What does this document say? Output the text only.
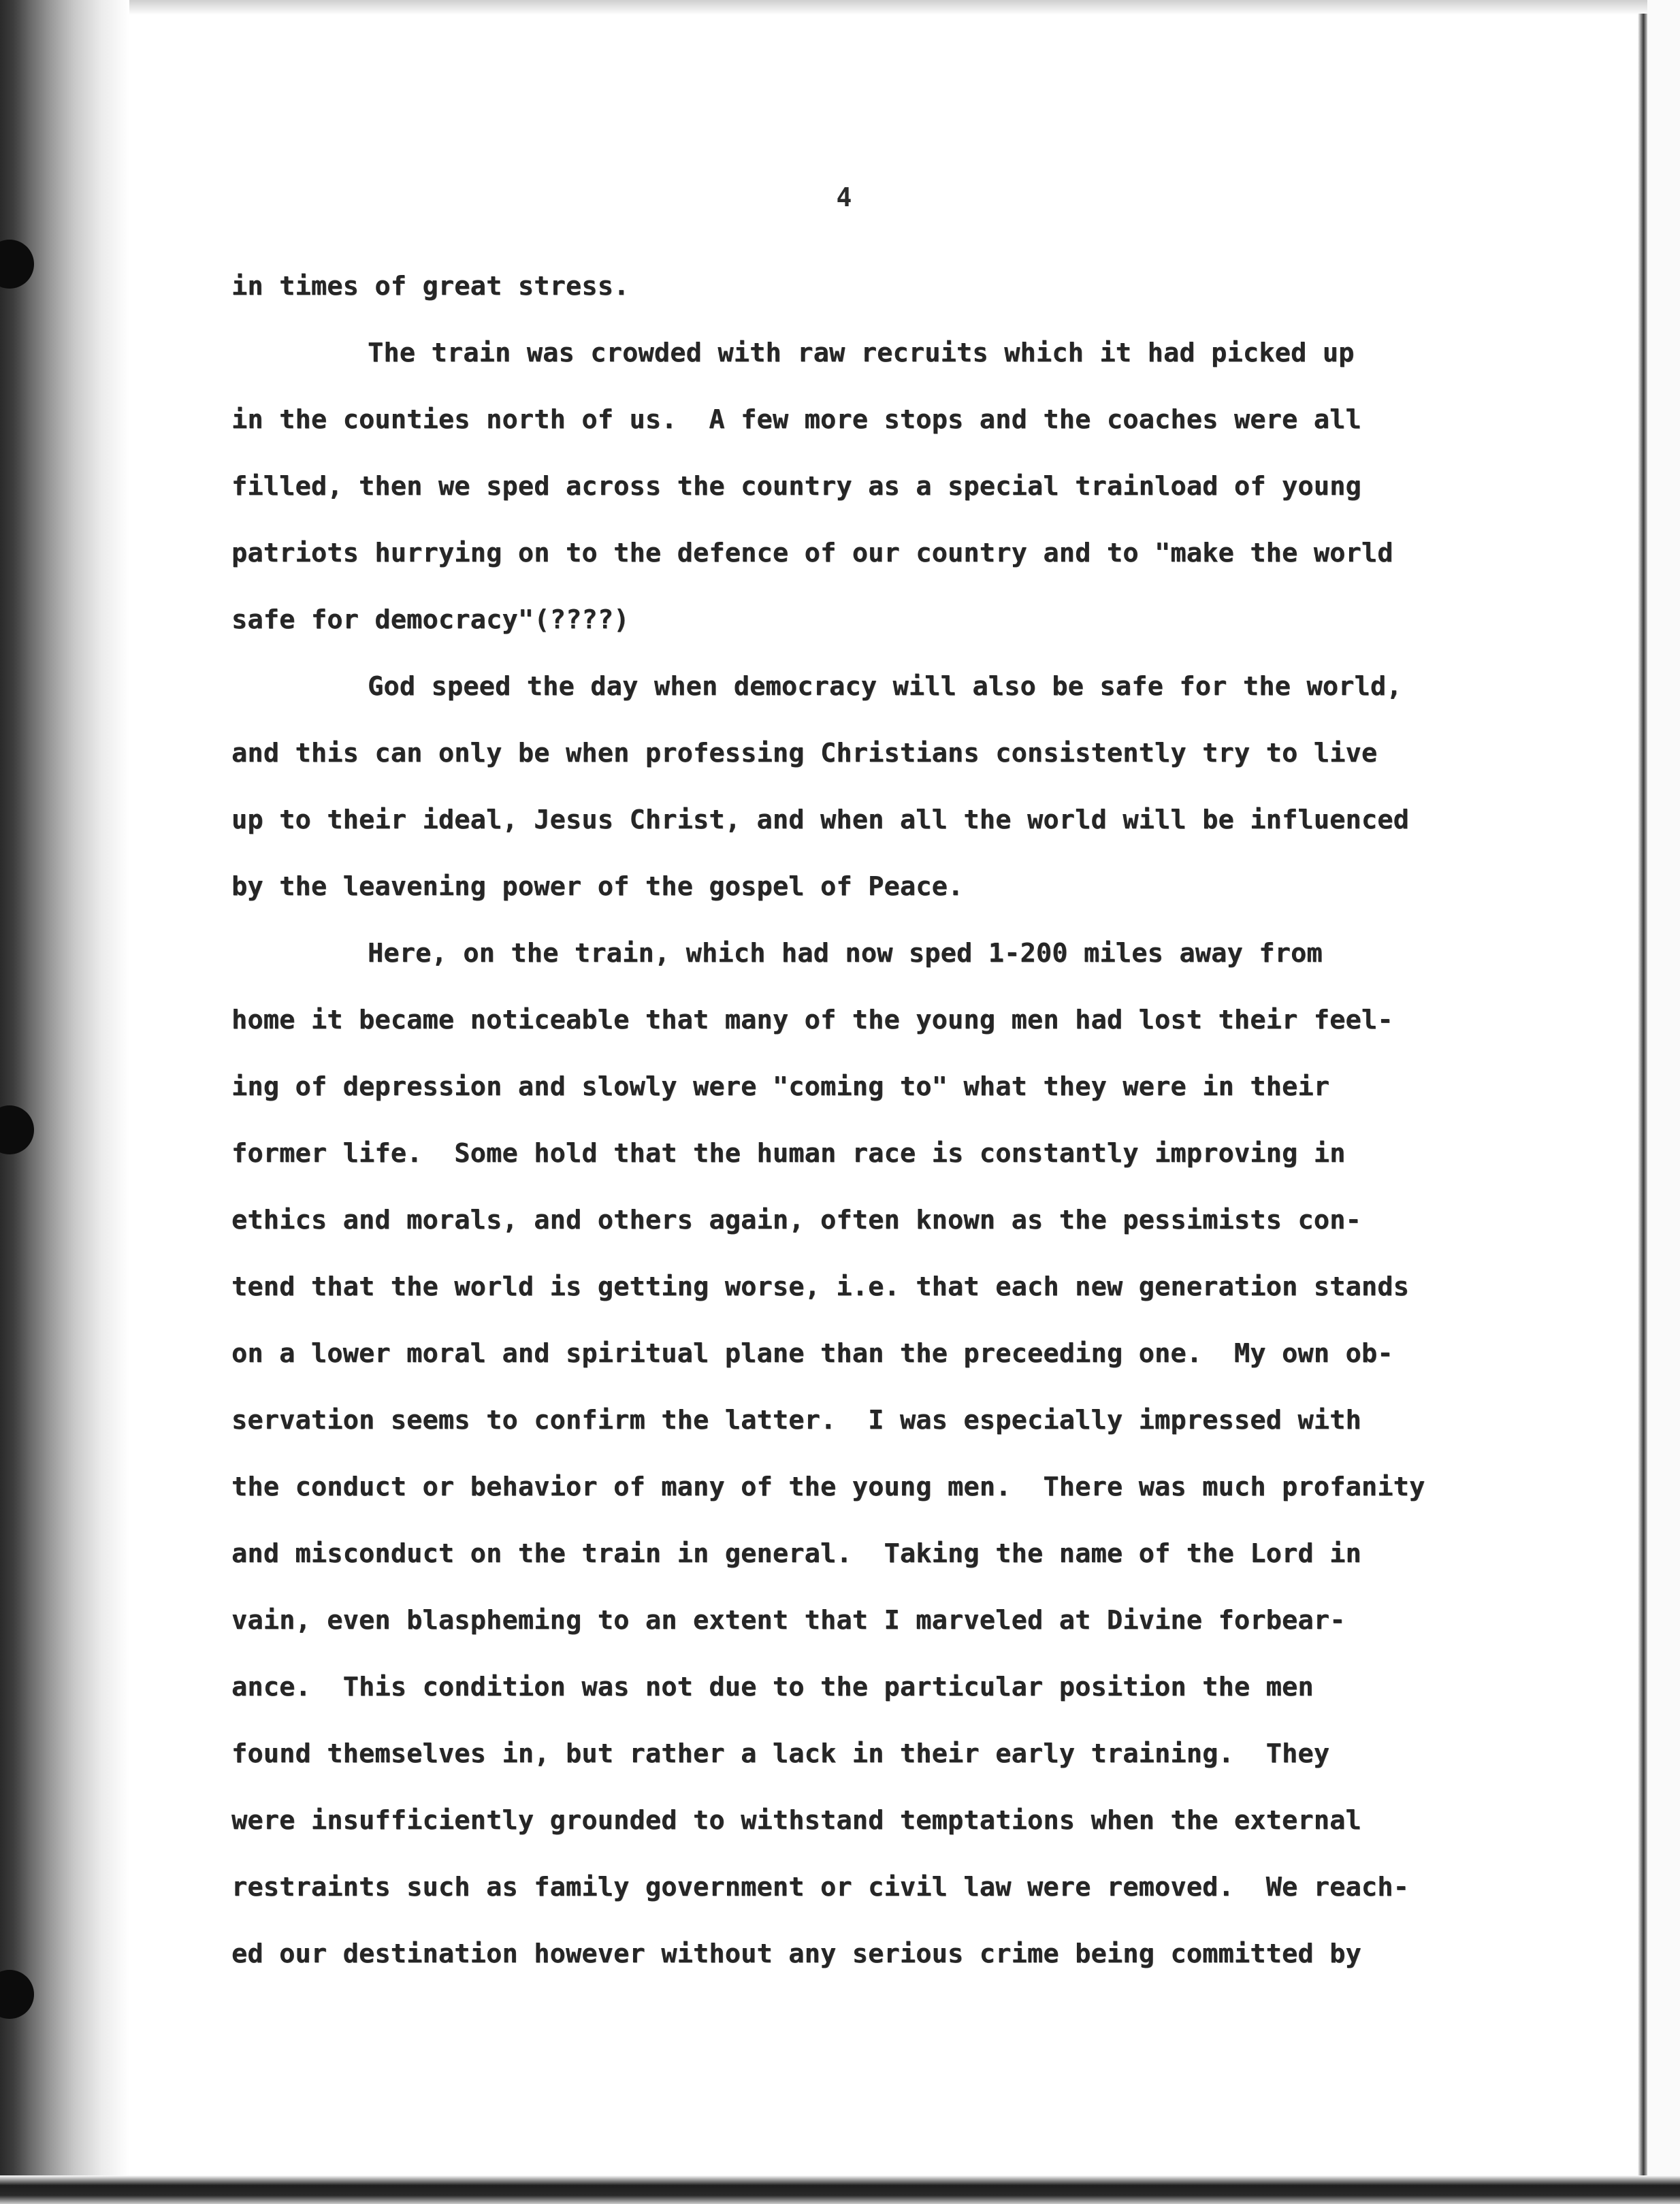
4
in times of great stress.
The train was crowded with raw recruits which it had picked up
in the counties north of us.  A few more stops and the coaches were all
filled, then we sped across the country as a special trainload of young
patriots hurrying on to the defence of our country and to "make the world
safe for democracy"(????)
God speed the day when democracy will also be safe for the world,
and this can only be when professing Christians consistently try to live
up to their ideal, Jesus Christ, and when all the world will be influenced
by the leavening power of the gospel of Peace.
Here, on the train, which had now sped 1-200 miles away from
home it became noticeable that many of the young men had lost their feel-
ing of depression and slowly were "coming to" what they were in their
former life.  Some hold that the human race is constantly improving in
ethics and morals, and others again, often known as the pessimists con-
tend that the world is getting worse, i.e. that each new generation stands
on a lower moral and spiritual plane than the preceeding one.  My own ob-
servation seems to confirm the latter.  I was especially impressed with
the conduct or behavior of many of the young men.  There was much profanity
and misconduct on the train in general.  Taking the name of the Lord in
vain, even blaspheming to an extent that I marveled at Divine forbear-
ance.  This condition was not due to the particular position the men
found themselves in, but rather a lack in their early training.  They
were insufficiently grounded to withstand temptations when the external
restraints such as family government or civil law were removed.  We reach-
ed our destination however without any serious crime being committed by
